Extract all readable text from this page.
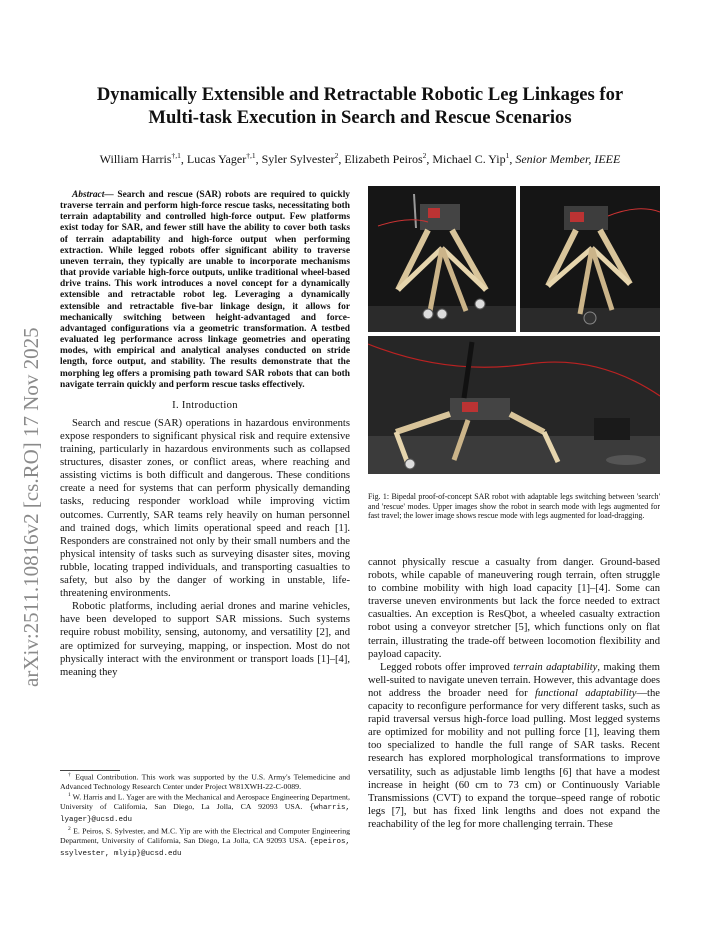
arXiv:2511.10816v2 [cs.RO] 17 Nov 2025
Dynamically Extensible and Retractable Robotic Leg Linkages for
Multi-task Execution in Search and Rescue Scenarios
William Harris$^{\dagger,1}$, Lucas Yager$^{\dagger,1}$, Syler Sylvester$^2$, Elizabeth Peiros$^2$, Michael C. Yip$^1$, Senior Member, IEEE

Abstract— Search and rescue (SAR) robots are required to quickly traverse terrain and perform high-force rescue tasks, necessitating both terrain adaptability and controlled high-force output. Few platforms exist today for SAR, and fewer still have the ability to cover both tasks of terrain adaptability and high-force output when performing extraction. While legged robots offer significant ability to traverse uneven terrain, they typically are unable to incorporate mechanisms that provide variable high-force outputs, unlike traditional wheel-based drive trains. This work introduces a novel concept for a dynamically extensible and retractable robot leg. Leveraging a dynamically extensible and retractable five-bar linkage design, it allows for mechanically switching between height-advantaged and force-advantaged configurations via a geometric transformation. A testbed evaluated leg performance across linkage geometries and operating modes, with empirical and analytical analyses conducted on stride length, force output, and stability. The results demonstrate that the morphing leg offers a promising path toward SAR robots that can both navigate terrain quickly and perform rescue tasks effectively.

I. Introduction

Search and rescue (SAR) operations in hazardous environments expose responders to significant physical risk and require extensive training, particularly in hazardous environments such as collapsed structures, disaster zones, or conflict areas, where reaching and assisting victims is both difficult and dangerous. These conditions create a need for systems that can perform physically demanding tasks, reducing responder workload while improving victim outcomes. Currently, SAR teams rely heavily on human personnel and trained dogs, which limits operational speed and reach [1]. Responders are constrained not only by their small numbers and the physical intensity of tasks such as surveying disaster sites, moving rubble, locating trapped individuals, and transporting casualties to safety, but also by the danger of working in unstable, life-threatening environments.

Robotic platforms, including aerial drones and marine vehicles, have been developed to support SAR missions. Such systems require robust mobility, sensing, autonomy, and versatility [2], and are optimized for surveying, mapping, or inspection. Most do not physically interact with the environment or transport loads [1]–[4], meaning they

† Equal Contribution. This work was supported by the U.S. Army's Telemedicine and Advanced Technology Research Center under Project W81XWH-22-C-0089.

$^1$ W. Harris and L. Yager are with the Mechanical and Aerospace Engineering Department, University of California, San Diego, La Jolla, CA 92093 USA. {wharris, lyager}@ucsd.edu

$^2$ E. Peiros, S. Sylvester, and M.C. Yip are with the Electrical and Computer Engineering Department, University of California, San Diego, La Jolla, CA 92093 USA. {epeiros, ssylvester, mlyip}@ucsd.edu

Fig. 1: Bipedal proof-of-concept SAR robot with adaptable legs switching between 'search' and 'rescue' modes. Upper images show the robot in search mode with legs augmented for fast travel; the lower image shows rescue mode with legs augmented for load-dragging.

cannot physically rescue a casualty from danger. Ground-based robots, while capable of maneuvering rough terrain, often struggle to combine mobility with high load capacity [1]–[4]. Some can traverse uneven environments but lack the force needed to extract casualties. An exception is ResQbot, a wheeled casualty extraction robot using a conveyor stretcher [5], which functions only on flat terrain, illustrating the trade-off between locomotion flexibility and payload capacity.

Legged robots offer improved terrain adaptability, making them well-suited to navigate uneven terrain. However, this advantage does not address the broader need for functional adaptability—the capacity to reconfigure performance for very different tasks, such as rapid traversal versus high-force load pulling. Most legged systems are optimized for mobility and not pulling force [1], leaving them too specialized to handle the full range of SAR tasks. Recent research has explored morphological transformations to improve versatility, such as adjustable limb lengths [6] that have a modest increase in height (60 cm to 73 cm) or Continuously Variable Transmissions (CVT) to expand the torque–speed range of robotic legs [7], but has fixed link lengths and does not expand the reachability of the leg for more challenging terrain. These
